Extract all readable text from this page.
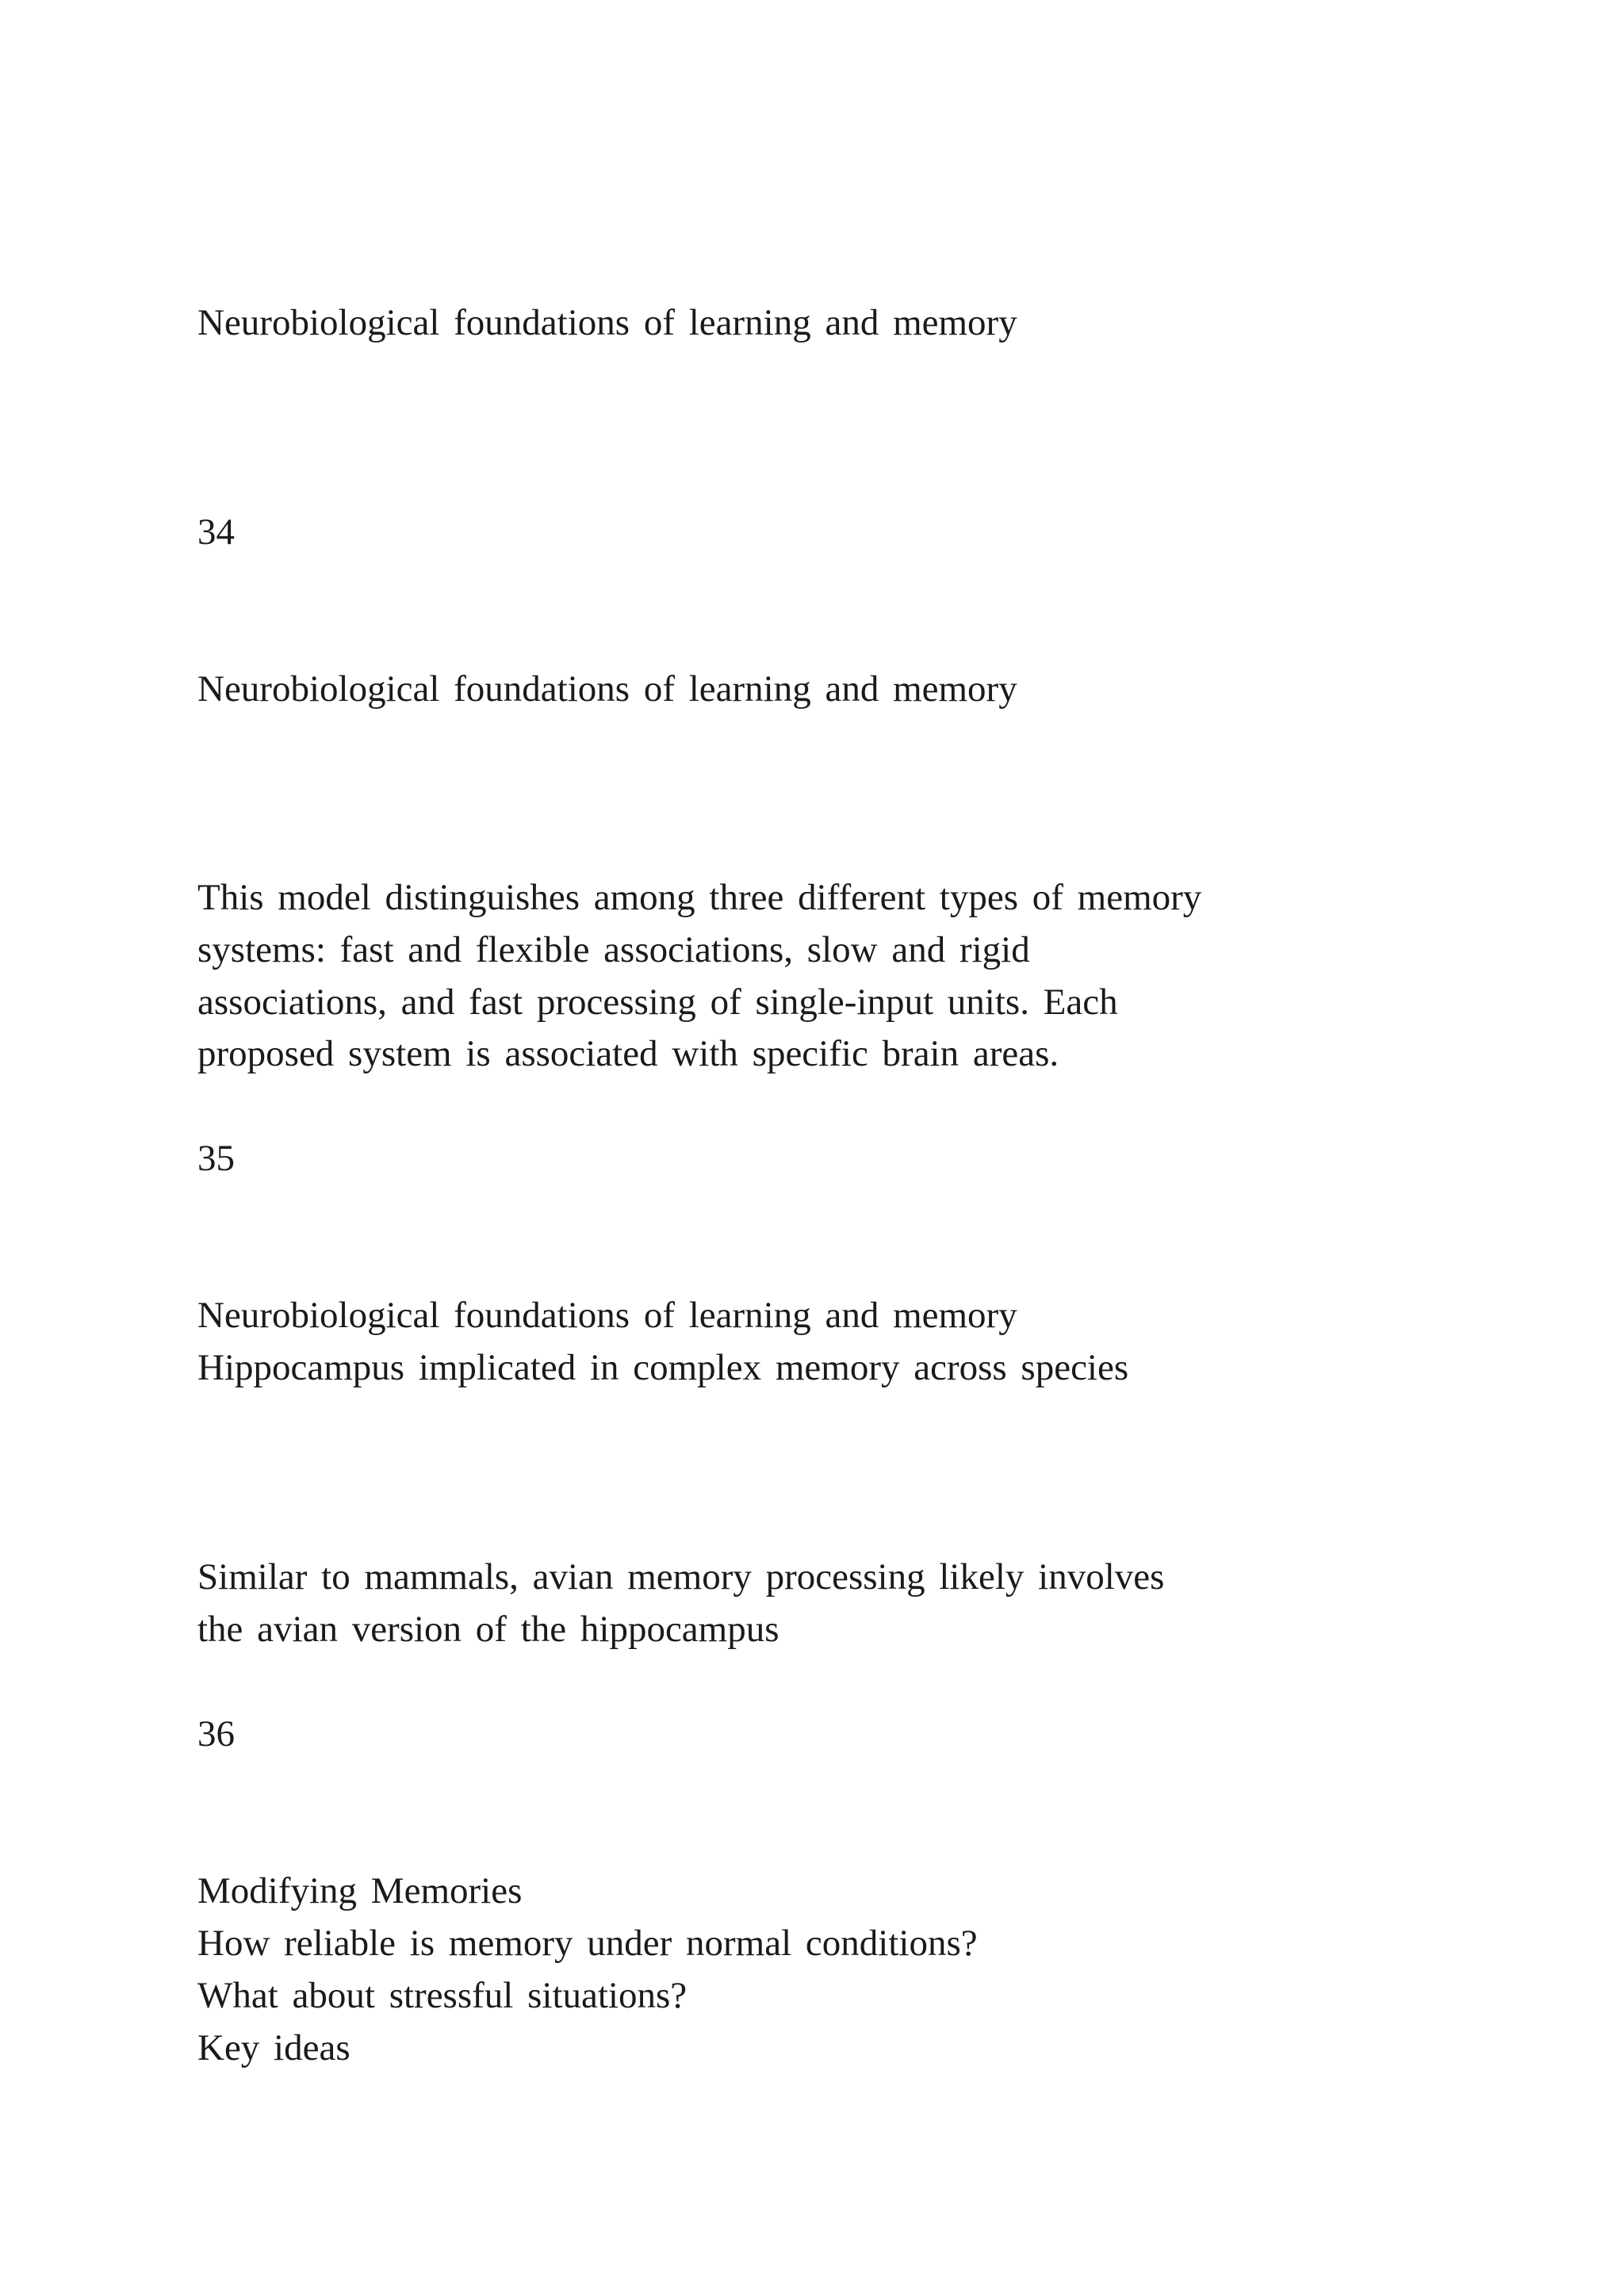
Neurobiological foundations of learning and memory
34
Neurobiological foundations of learning and memory
This model distinguishes among three different types of memory
systems: fast and flexible associations, slow and rigid
associations, and fast processing of single-input units. Each
proposed system is associated with specific brain areas.
35
Neurobiological foundations of learning and memory
Hippocampus implicated in complex memory across species
Similar to mammals, avian memory processing likely involves
the avian version of the hippocampus
36
Modifying Memories
How reliable is memory under normal conditions?
What about stressful situations?
Key ideas
